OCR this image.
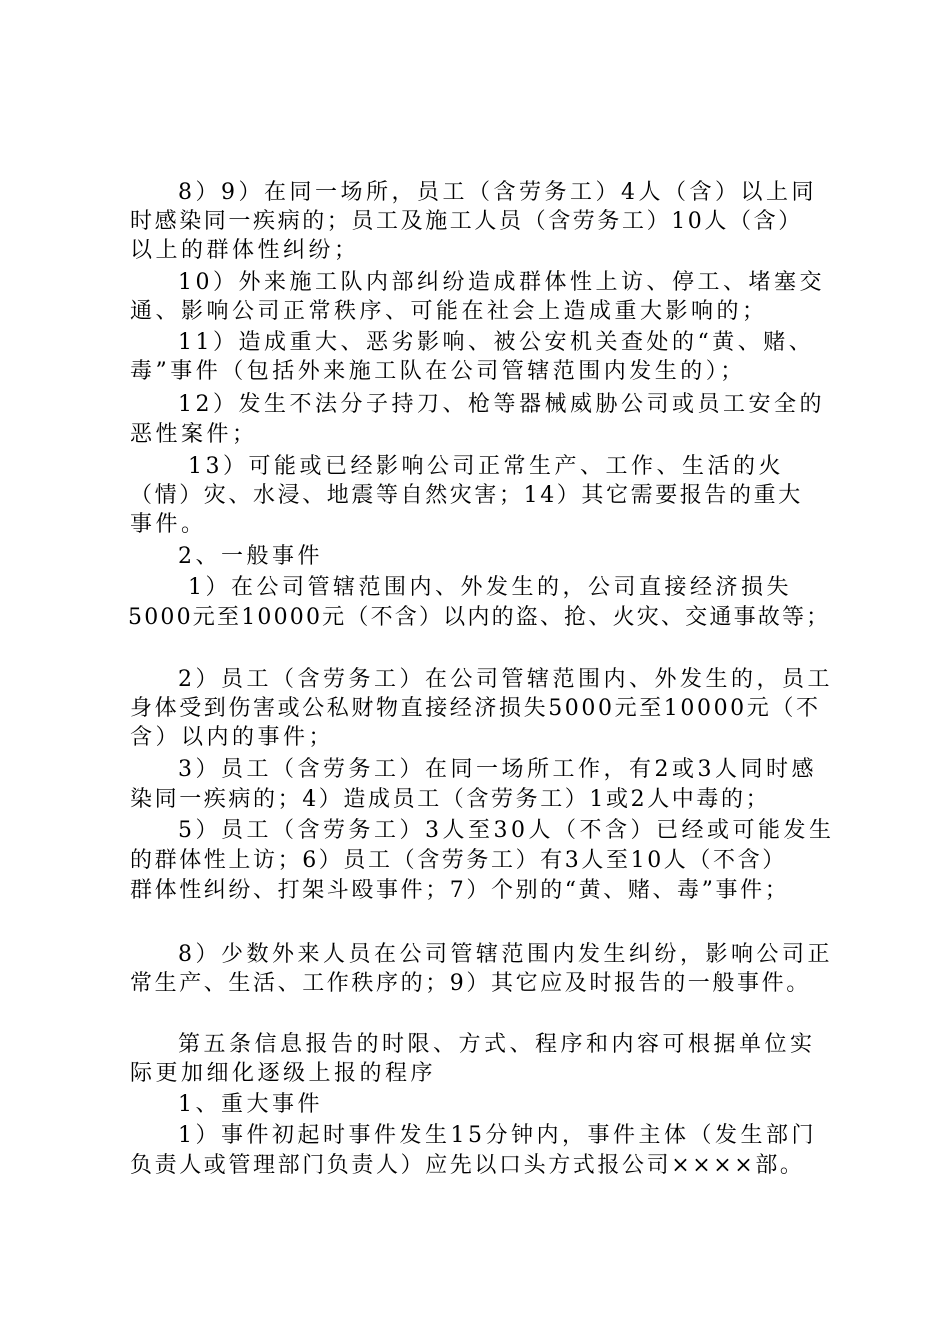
8）9）在同一场所，员工（含劳务工）4人（含）以上同
时感染同一疾病的；员工及施工人员（含劳务工）10人（含）
以上的群体性纠纷；
10）外来施工队内部纠纷造成群体性上访、停工、堵塞交
通、影响公司正常秩序、可能在社会上造成重大影响的；
11）造成重大、恶劣影响、被公安机关查处的“黄、赌、
毒”事件（包括外来施工队在公司管辖范围内发生的）；
12）发生不法分子持刀、枪等器械威胁公司或员工安全的
恶性案件；
13）可能或已经影响公司正常生产、工作、生活的火
（情）灾、水浸、地震等自然灾害；14）其它需要报告的重大
事件。
2、一般事件
1）在公司管辖范围内、外发生的，公司直接经济损失
5000元至10000元（不含）以内的盗、抢、火灾、交通事故等；
2）员工（含劳务工）在公司管辖范围内、外发生的，员工
身体受到伤害或公私财物直接经济损失5000元至10000元（不
含）以内的事件；
3）员工（含劳务工）在同一场所工作，有2或3人同时感
染同一疾病的；4）造成员工（含劳务工）1或2人中毒的；
5）员工（含劳务工）3人至30人（不含）已经或可能发生
的群体性上访；6）员工（含劳务工）有3人至10人（不含）
群体性纠纷、打架斗殴事件；7）个别的“黄、赌、毒”事件；
8）少数外来人员在公司管辖范围内发生纠纷，影响公司正
常生产、生活、工作秩序的；9）其它应及时报告的一般事件。
第五条信息报告的时限、方式、程序和内容可根据单位实
际更加细化逐级上报的程序
1、重大事件
1）事件初起时事件发生15分钟内，事件主体（发生部门
负责人或管理部门负责人）应先以口头方式报公司××××部。
